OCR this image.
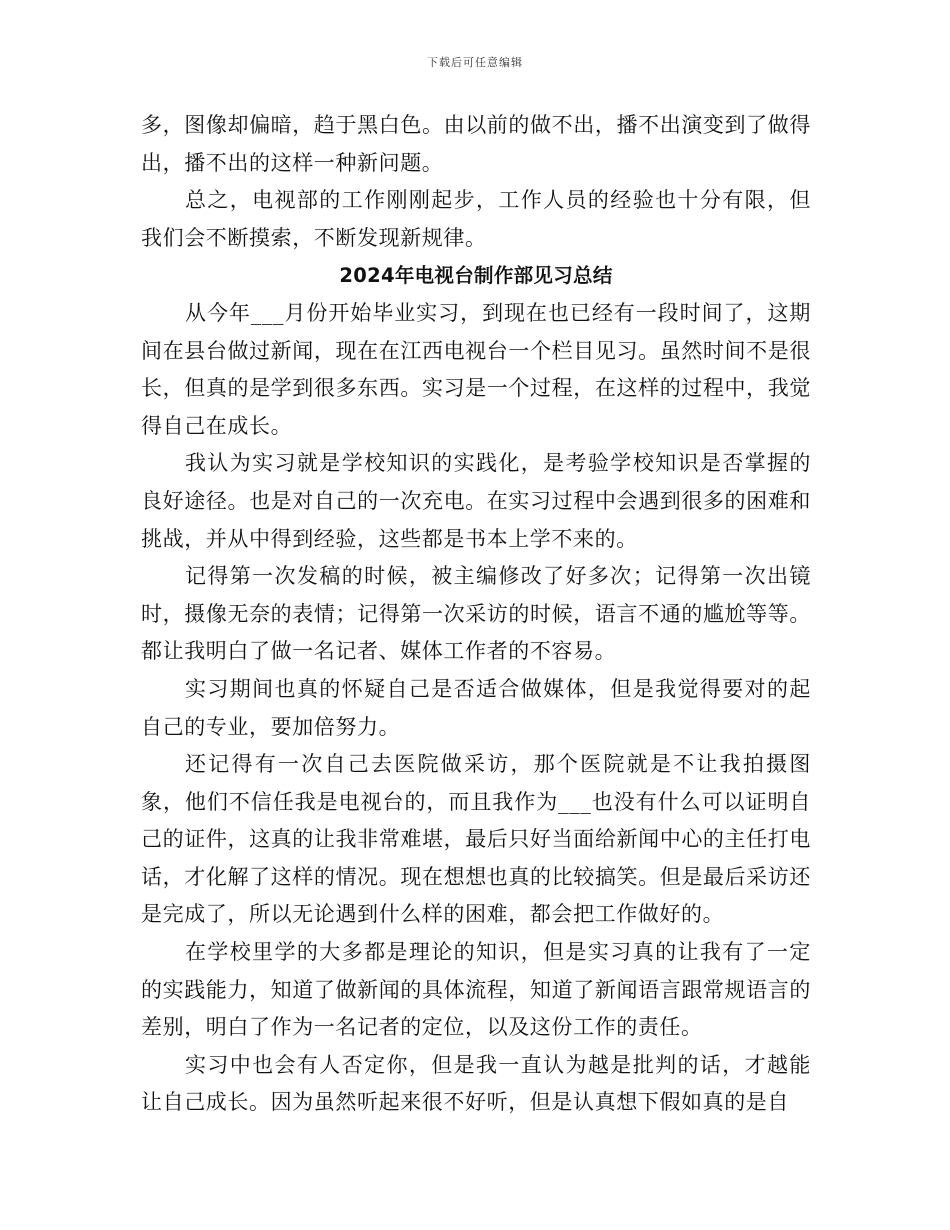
下载后可任意编辑

多，图像却偏暗，趋于黑白色。由以前的做不出，播不出演变到了做得出，播不出的这样一种新问题。

总之，电视部的工作刚刚起步，工作人员的经验也十分有限，但我们会不断摸索，不断发现新规律。

2024年电视台制作部见习总结

从今年___月份开始毕业实习，到现在也已经有一段时间了，这期间在县台做过新闻，现在在江西电视台一个栏目见习。虽然时间不是很长，但真的是学到很多东西。实习是一个过程，在这样的过程中，我觉得自己在成长。

我认为实习就是学校知识的实践化，是考验学校知识是否掌握的良好途径。也是对自己的一次充电。在实习过程中会遇到很多的困难和挑战，并从中得到经验，这些都是书本上学不来的。

记得第一次发稿的时候，被主编修改了好多次；记得第一次出镜时，摄像无奈的表情；记得第一次采访的时候，语言不通的尴尬等等。都让我明白了做一名记者、媒体工作者的不容易。

实习期间也真的怀疑自己是否适合做媒体，但是我觉得要对的起自己的专业，要加倍努力。

还记得有一次自己去医院做采访，那个医院就是不让我拍摄图象，他们不信任我是电视台的，而且我作为___也没有什么可以证明自己的证件，这真的让我非常难堪，最后只好当面给新闻中心的主任打电话，才化解了这样的情况。现在想想也真的比较搞笑。但是最后采访还是完成了，所以无论遇到什么样的困难，都会把工作做好的。

在学校里学的大多都是理论的知识，但是实习真的让我有了一定的实践能力，知道了做新闻的具体流程，知道了新闻语言跟常规语言的差别，明白了作为一名记者的定位，以及这份工作的责任。

实习中也会有人否定你，但是我一直认为越是批判的话，才越能让自己成长。因为虽然听起来很不好听，但是认真想下假如真的是自
